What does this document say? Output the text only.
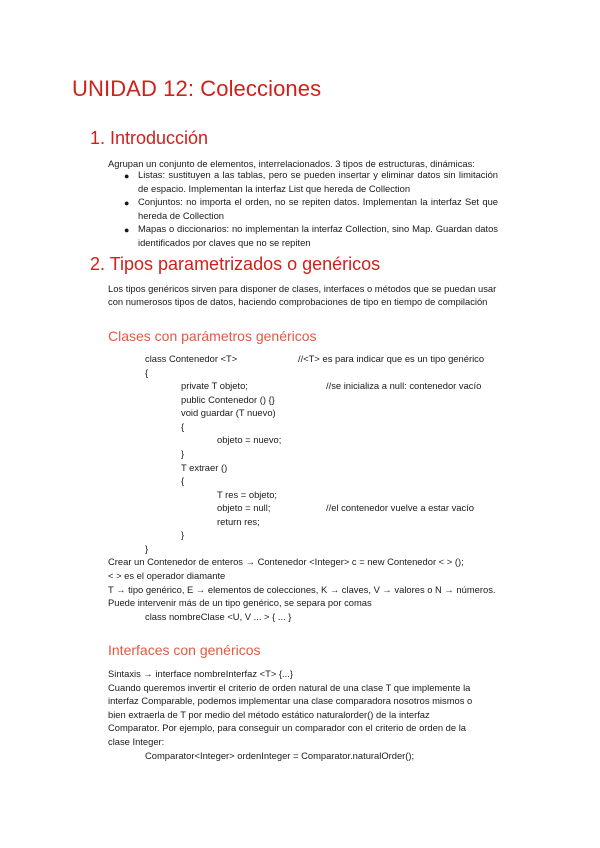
UNIDAD 12: Colecciones
1. Introducción
Agrupan un conjunto de elementos, interrelacionados. 3 tipos de estructuras, dinámicas:
● Listas: sustituyen a las tablas, pero se pueden insertar y eliminar datos sin limitación de espacio. Implementan la interfaz List que hereda de Collection
● Conjuntos: no importa el orden, no se repiten datos. Implementan la interfaz Set que hereda de Collection
● Mapas o diccionarios: no implementan la interfaz Collection, sino Map. Guardan datos identificados por claves que no se repiten
2. Tipos parametrizados o genéricos
Los tipos genéricos sirven para disponer de clases, interfaces o métodos que se puedan usar
con numerosos tipos de datos, haciendo comprobaciones de tipo en tiempo de compilación
Clases con parámetros genéricos
class Contenedor <T>	//<T> es para indicar que es un tipo genérico
{
private T objeto;	//se inicializa a null: contenedor vacío
public Contenedor () {}
void guardar (T nuevo)
{
objeto = nuevo;
}
T extraer ()
{
T res = objeto;
objeto = null;	//el contenedor vuelve a estar vacío
return res;
}
}
Crear un Contenedor de enteros → Contenedor <Integer> c = new Contenedor < > ();
< > es el operador diamante
T → tipo genérico, E → elementos de colecciones, K → claves, V → valores o N → números.
Puede intervenir más de un tipo genérico, se separa por comas
class nombreClase <U, V ... > { ... }
Interfaces con genéricos
Sintaxis → interface nombreInterfaz <T> {...}
Cuando queremos invertir el criterio de orden natural de una clase T que implemente la
interfaz Comparable, podemos implementar una clase comparadora nosotros mismos o
bien extraerla de T por medio del método estático naturalorder() de la interfaz
Comparator. Por ejemplo, para conseguir un comparador con el criterio de orden de la
clase Integer:
Comparator<Integer> ordenInteger = Comparator.naturalOrder();
